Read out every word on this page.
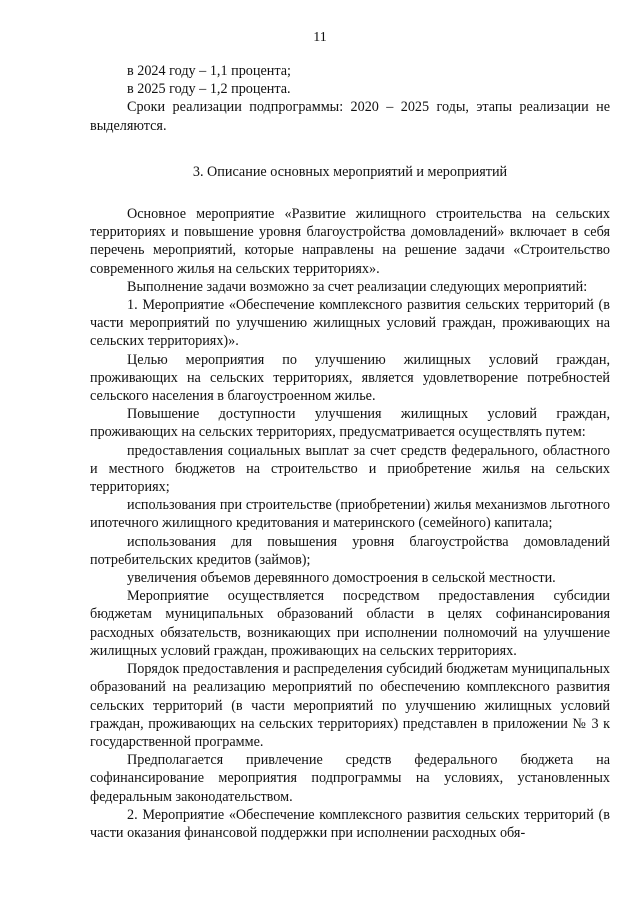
11

в 2024 году – 1,1 процента;

в 2025 году – 1,2 процента.

Сроки реализации подпрограммы: 2020 – 2025 годы, этапы реализации не выделяются.

3. Описание основных мероприятий и мероприятий

Основное мероприятие «Развитие жилищного строительства на сельских территориях и повышение уровня благоустройства домовладений» включает в себя перечень мероприятий, которые направлены на решение задачи «Строительство современного жилья на сельских территориях».

Выполнение задачи возможно за счет реализации следующих мероприятий:

1. Мероприятие «Обеспечение комплексного развития сельских территорий (в части мероприятий по улучшению жилищных условий граждан, проживающих на сельских территориях)».

Целью мероприятия по улучшению жилищных условий граждан, проживающих на сельских территориях, является удовлетворение потребностей сельского населения в благоустроенном жилье.

Повышение доступности улучшения жилищных условий граждан, проживающих на сельских территориях, предусматривается осуществлять путем:

предоставления социальных выплат за счет средств федерального, областного и местного бюджетов на строительство и приобретение жилья на сельских территориях;

использования при строительстве (приобретении) жилья механизмов льготного ипотечного жилищного кредитования и материнского (семейного) капитала;

использования для повышения уровня благоустройства домовладений потребительских кредитов (займов);

увеличения объемов деревянного домостроения в сельской местности.

Мероприятие осуществляется посредством предоставления субсидии бюджетам муниципальных образований области в целях софинансирования расходных обязательств, возникающих при исполнении полномочий на улучшение жилищных условий граждан, проживающих на сельских территориях.

Порядок предоставления и распределения субсидий бюджетам муниципальных образований на реализацию мероприятий по обеспечению комплексного развития сельских территорий (в части мероприятий по улучшению жилищных условий граждан, проживающих на сельских территориях) представлен в приложении № 3 к государственной программе.

Предполагается привлечение средств федерального бюджета на софинансирование мероприятия подпрограммы на условиях, установленных федеральным законодательством.

2. Мероприятие «Обеспечение комплексного развития сельских территорий (в части оказания финансовой поддержки при исполнении расходных обя-
